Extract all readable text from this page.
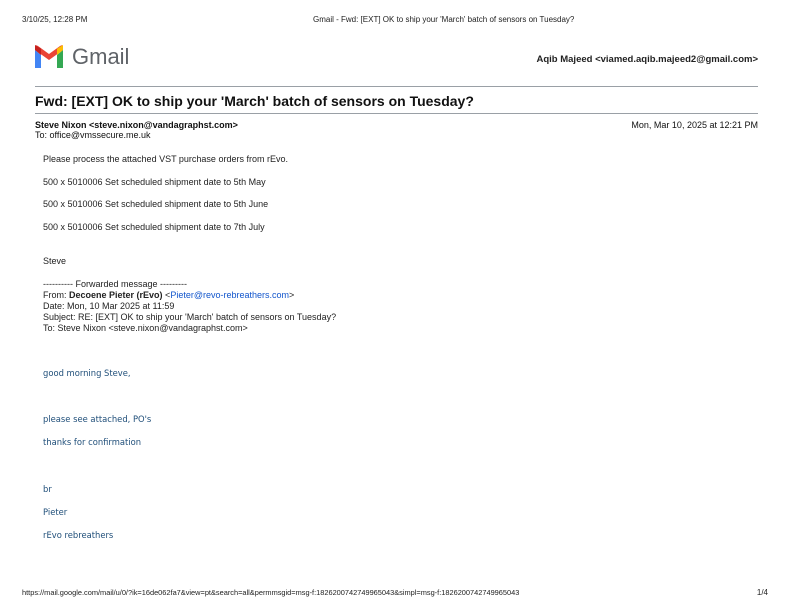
3/10/25, 12:28 PM	Gmail - Fwd: [EXT] OK to ship your 'March' batch of sensors on Tuesday?
Gmail	Aqib Majeed <viamed.aqib.majeed2@gmail.com>
Fwd: [EXT] OK to ship your 'March' batch of sensors on Tuesday?
Steve Nixon <steve.nixon@vandagraphst.com>	Mon, Mar 10, 2025 at 12:21 PM
To: office@vmssecure.me.uk
Please process the attached VST purchase orders from rEvo.
500 x 5010006 Set scheduled shipment date to 5th May
500 x 5010006 Set scheduled shipment date to 5th June
500 x 5010006 Set scheduled shipment date to 7th July
Steve
---------- Forwarded message ---------
From: Decoene Pieter (rEvo) <Pieter@revo-rebreathers.com>
Date: Mon, 10 Mar 2025 at 11:59
Subject: RE: [EXT] OK to ship your 'March' batch of sensors on Tuesday?
To: Steve Nixon <steve.nixon@vandagraphst.com>
good morning Steve,
please see attached, PO's
thanks for confirmation
br
Pieter
rEvo rebreathers
https://mail.google.com/mail/u/0/?ik=16de062fa7&view=pt&search=all&permmsgid=msg-f:1826200742749965043&simpl=msg-f:1826200742749965043	1/4
